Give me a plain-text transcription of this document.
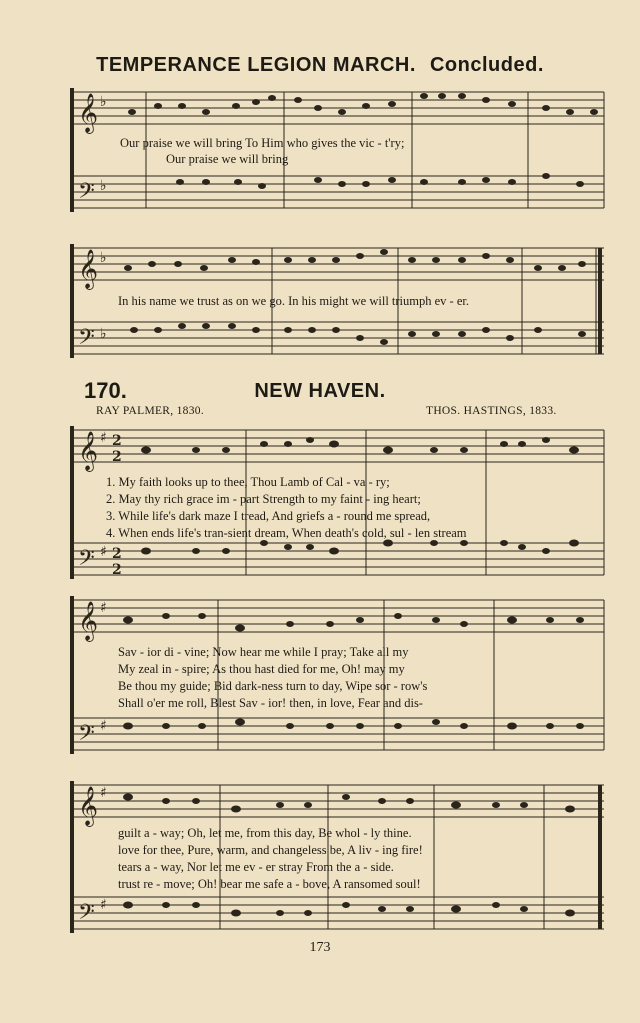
𝄞
𝄢
𝄞
𝄢
𝄞
𝄢
𝄞
𝄢
𝄞
𝄢
♭
♭
♭
♭
♯
♯
♯
♯
♯
♯
2
2
2
2
TEMPERANCE LEGION MARCH. Concluded.
Our praise we will bring To Him who gives the vic - t'ry;
Our praise we will bring
In his name we trust as on we go. In his might we will triumph ev - er.
170.	NEW HAVEN.
RAY PALMER, 1830.	THOS. HASTINGS, 1833.
1. My faith looks up to thee, Thou Lamb of Cal - va - ry;
2. May thy rich grace im - part Strength to my faint - ing heart;
3. While life's dark maze I tread, And griefs a - round me spread,
4. When ends life's tran-sient dream, When death's cold, sul - len stream
Sav - ior di - vine; Now hear me while I pray; Take all my
My zeal in - spire; As thou hast died for me, Oh! may my
Be thou my guide; Bid dark-ness turn to day, Wipe sor - row's
Shall o'er me roll, Blest Sav - ior! then, in love, Fear and dis-
guilt a - way; Oh, let me, from this day, Be whol - ly thine.
love for thee, Pure, warm, and changeless be, A liv - ing fire!
tears a - way, Nor let me ev - er stray From the a - side.
trust re - move; Oh! bear me safe a - bove, A ransomed soul!
173
